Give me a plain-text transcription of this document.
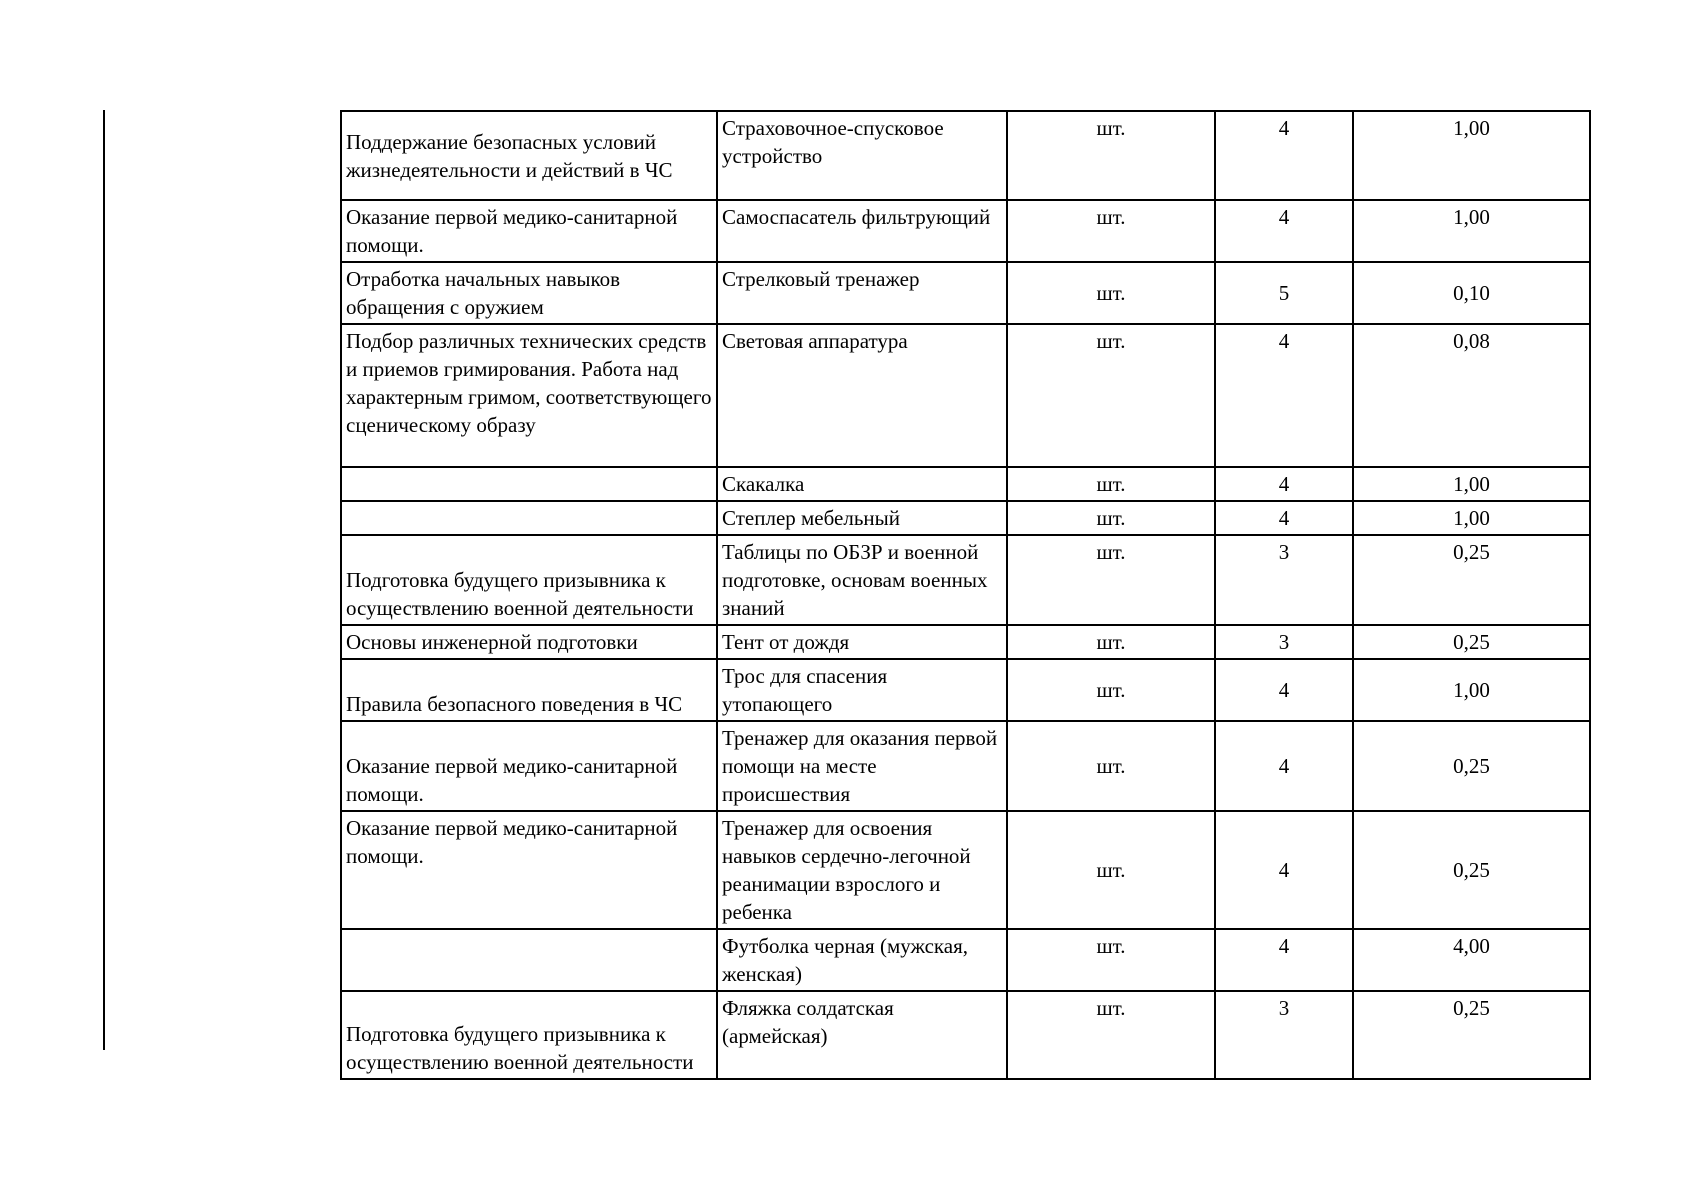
Поддержание безопасных условий жизнедеятельности и действий в ЧС	Страховочное-спусковое устройство	шт.	4	1,00
Оказание первой медико-санитарной помощи.	Самоспасатель фильтрующий	шт.	4	1,00
Отработка начальных навыков обращения с оружием	Стрелковый тренажер	шт.	5	0,10
Подбор различных технических средств и приемов гримирования. Работа над характерным гримом, соответствующего сценическому образу	Световая аппаратура	шт.	4	0,08
	Скакалка	шт.	4	1,00
	Степлер мебельный	шт.	4	1,00
Подготовка будущего призывника к осуществлению военной деятельности	Таблицы по ОБЗР и военной подготовке, основам военных знаний	шт.	3	0,25
Основы инженерной подготовки	Тент от дождя	шт.	3	0,25
Правила безопасного поведения в ЧС	Трос для спасения утопающего	шт.	4	1,00
Оказание первой медико-санитарной помощи.	Тренажер для оказания первой помощи на месте происшествия	шт.	4	0,25
Оказание первой медико-санитарной помощи.	Тренажер для освоения навыков сердечно-легочной реанимации взрослого и ребенка	шт.	4	0,25
	Футболка черная (мужская, женская)	шт.	4	4,00
Подготовка будущего призывника к осуществлению военной деятельности	Фляжка солдатская (армейская)	шт.	3	0,25
